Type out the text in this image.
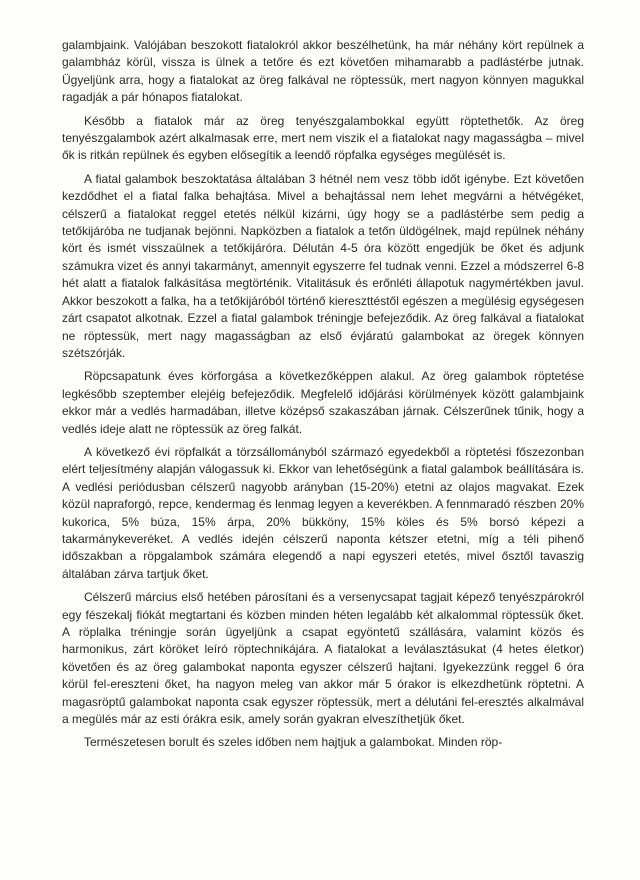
galambjaink. Valójában beszokott fiatalokról akkor beszélhetünk, ha már néhány kört repülnek a galambház körül, vissza is ülnek a tetőre és ezt követően mihamarabb a padlástérbe jutnak. Ügyeljünk arra, hogy a fiatalokat az öreg falkával ne röptessük, mert nagyon könnyen magukkal ragadják a pár hónapos fiatalokat.

Később a fiatalok már az öreg tenyészgalambokkal együtt röptethetők. Az öreg tenyészgalambok azért alkalmasak erre, mert nem viszik el a fiatalokat nagy magasságba – mivel ők is ritkán repülnek és egyben elősegítik a leendő röpfalka egységes megülését is.

A fiatal galambok beszoktatása általában 3 hétnél nem vesz több időt igénybe. Ezt követően kezdődhet el a fiatal falka behajtása. Mivel a behajtással nem lehet megvárni a hétvégéket, célszerű a fiatalokat reggel etetés nélkül kizárni, úgy hogy se a padlástérbe sem pedig a tetőkijáróba ne tudjanak bejönni. Napközben a fiatalok a tetőn üldögélnek, majd repülnek néhány kört és ismét visszaülnek a tetőkijáróra. Délután 4-5 óra között engedjük be őket és adjunk számukra vizet és annyi takarmányt, amennyit egyszerre fel tudnak venni. Ezzel a módszerrel 6-8 hét alatt a fiatalok falkásítása megtörténik. Vitalitásuk és erőnléti állapotuk nagymértékben javul. Akkor beszokott a falka, ha a tetőkijáróból történő kiereszttéstől egészen a megülésig egységesen zárt csapatot alkotnak. Ezzel a fiatal galambok tréningje befejeződik. Az öreg falkával a fiatalokat ne röptessük, mert nagy magasságban az első évjáratú galambokat az öregek könnyen szétszórják.

Röpcsapatunk éves körforgása a következőképpen alakul. Az öreg galambok röptetése legkésőbb szeptember elejéig befejeződik. Megfelelő időjárási körülmények között galambjaink ekkor már a vedlés harmadában, illetve középső szakaszában járnak. Célszerűnek tűnik, hogy a vedlés ideje alatt ne röptessük az öreg falkát.

A következő évi röpfalkát a törzsállományból származó egyedekből a röptetési főszezonban elért teljesítmény alapján válogassuk ki. Ekkor van lehetőségünk a fiatal galambok beállítására is. A vedlési periódusban célszerű nagyobb arányban (15-20%) etetni az olajos magvakat. Ezek közül napraforgó, repce, kendermag és lenmag legyen a keverékben. A fennmaradó részben 20% kukorica, 5% búza, 15% árpa, 20% bükköny, 15% köles és 5% borsó képezi a takarmánykeveréket. A vedlés idején célszerű naponta kétszer etetni, míg a téli pihenő időszakban a röpgalambok számára elegendő a napi egyszeri etetés, mivel ősztől tavaszig általában zárva tartjuk őket.

Célszerű március első hetében párosítani és a versenycsapat tagjait képező tenyészpárokról egy fészekalj fiókát megtartani és közben minden héten legalább két alkalommal röptessük őket. A röplalka tréningje során ügyeljünk a csapat egyöntetű szállására, valamint közös és harmonikus, zárt köröket leíró röptechnikájára. A fiatalokat a leválasztásukat (4 hetes életkor) követően és az öreg galambokat naponta egyszer célszerű hajtani. Igyekezzünk reggel 6 óra körül fel-ereszteni őket, ha nagyon meleg van akkor már 5 órakor is elkezdhetünk röptetni. A magasröptű galambokat naponta csak egyszer röptessük, mert a délutáni fel-eresztés alkalmával a megülés már az esti órákra esik, amely során gyakran elveszíthetjük őket.

Természetesen borult és szeles időben nem hajtjuk a galambokat. Minden röp-
